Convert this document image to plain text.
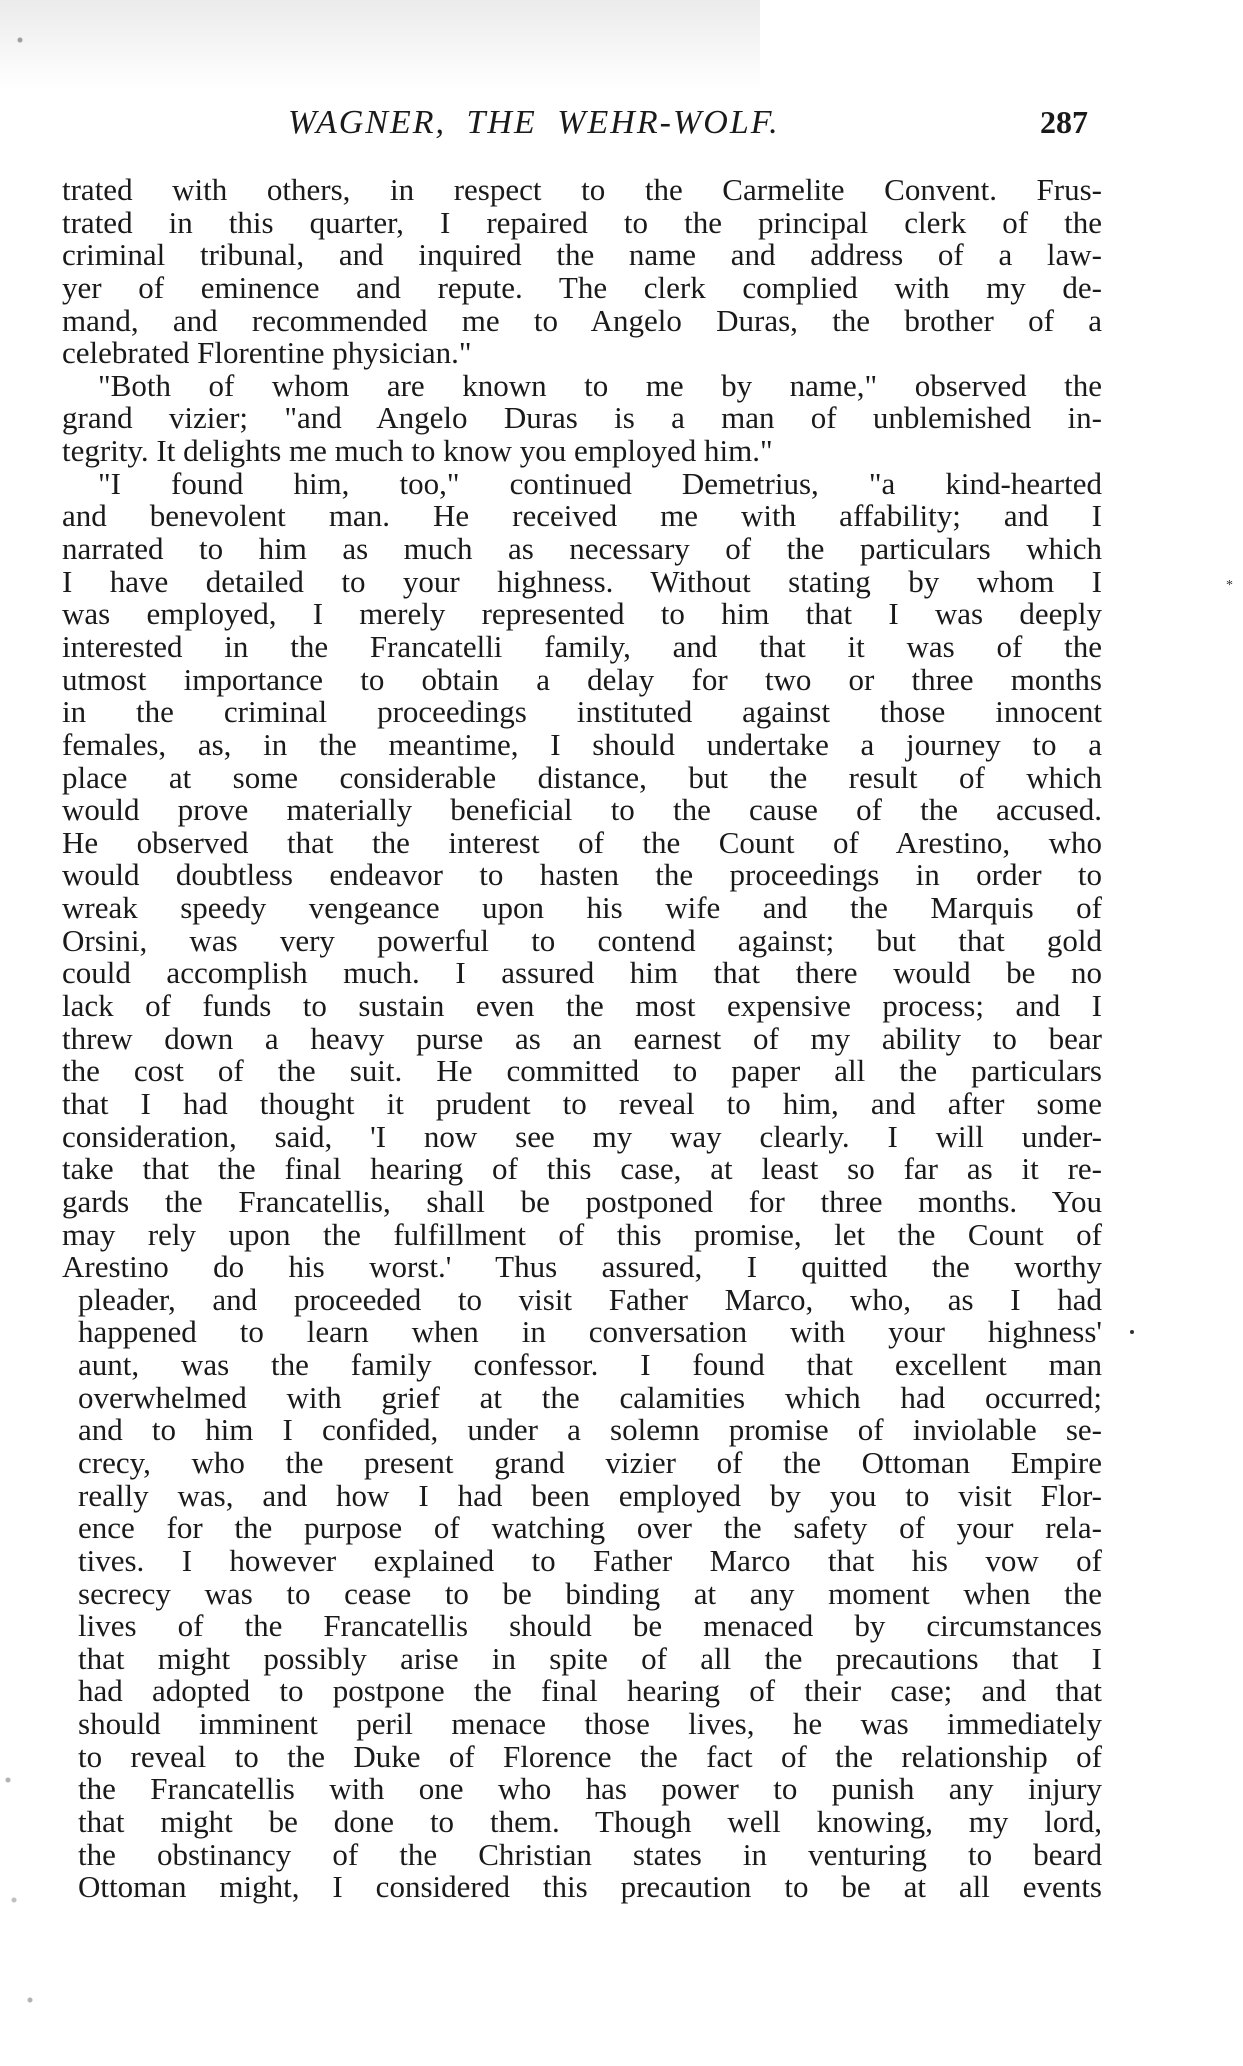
WAGNER, THE WEHR-WOLF.	287
trated with others, in respect to the Carmelite Convent. Frus-
trated in this quarter, I repaired to the principal clerk of the
criminal tribunal, and inquired the name and address of a law-
yer of eminence and repute. The clerk complied with my de-
mand, and recommended me to Angelo Duras, the brother of a
celebrated Florentine physician."
"Both of whom are known to me by name," observed the
grand vizier; "and Angelo Duras is a man of unblemished in-
tegrity. It delights me much to know you employed him."
"I found him, too," continued Demetrius, "a kind-hearted
and benevolent man. He received me with affability; and I
narrated to him as much as necessary of the particulars which
I have detailed to your highness. Without stating by whom I
was employed, I merely represented to him that I was deeply
interested in the Francatelli family, and that it was of the
utmost importance to obtain a delay for two or three months
in the criminal proceedings instituted against those innocent
females, as, in the meantime, I should undertake a journey to a
place at some considerable distance, but the result of which
would prove materially beneficial to the cause of the accused.
He observed that the interest of the Count of Arestino, who
would doubtless endeavor to hasten the proceedings in order to
wreak speedy vengeance upon his wife and the Marquis of
Orsini, was very powerful to contend against; but that gold
could accomplish much. I assured him that there would be no
lack of funds to sustain even the most expensive process; and I
threw down a heavy purse as an earnest of my ability to bear
the cost of the suit. He committed to paper all the particulars
that I had thought it prudent to reveal to him, and after some
consideration, said, 'I now see my way clearly. I will under-
take that the final hearing of this case, at least so far as it re-
gards the Francatellis, shall be postponed for three months. You
may rely upon the fulfillment of this promise, let the Count of
Arestino do his worst.' Thus assured, I quitted the worthy
pleader, and proceeded to visit Father Marco, who, as I had
happened to learn when in conversation with your highness'
aunt, was the family confessor. I found that excellent man
overwhelmed with grief at the calamities which had occurred;
and to him I confided, under a solemn promise of inviolable se-
crecy, who the present grand vizier of the Ottoman Empire
really was, and how I had been employed by you to visit Flor-
ence for the purpose of watching over the safety of your rela-
tives. I however explained to Father Marco that his vow of
secrecy was to cease to be binding at any moment when the
lives of the Francatellis should be menaced by circumstances
that might possibly arise in spite of all the precautions that I
had adopted to postpone the final hearing of their case; and that
should imminent peril menace those lives, he was immediately
to reveal to the Duke of Florence the fact of the relationship of
the Francatellis with one who has power to punish any injury
that might be done to them. Though well knowing, my lord,
the obstinancy of the Christian states in venturing to beard
Ottoman might, I considered this precaution to be at all events
*
